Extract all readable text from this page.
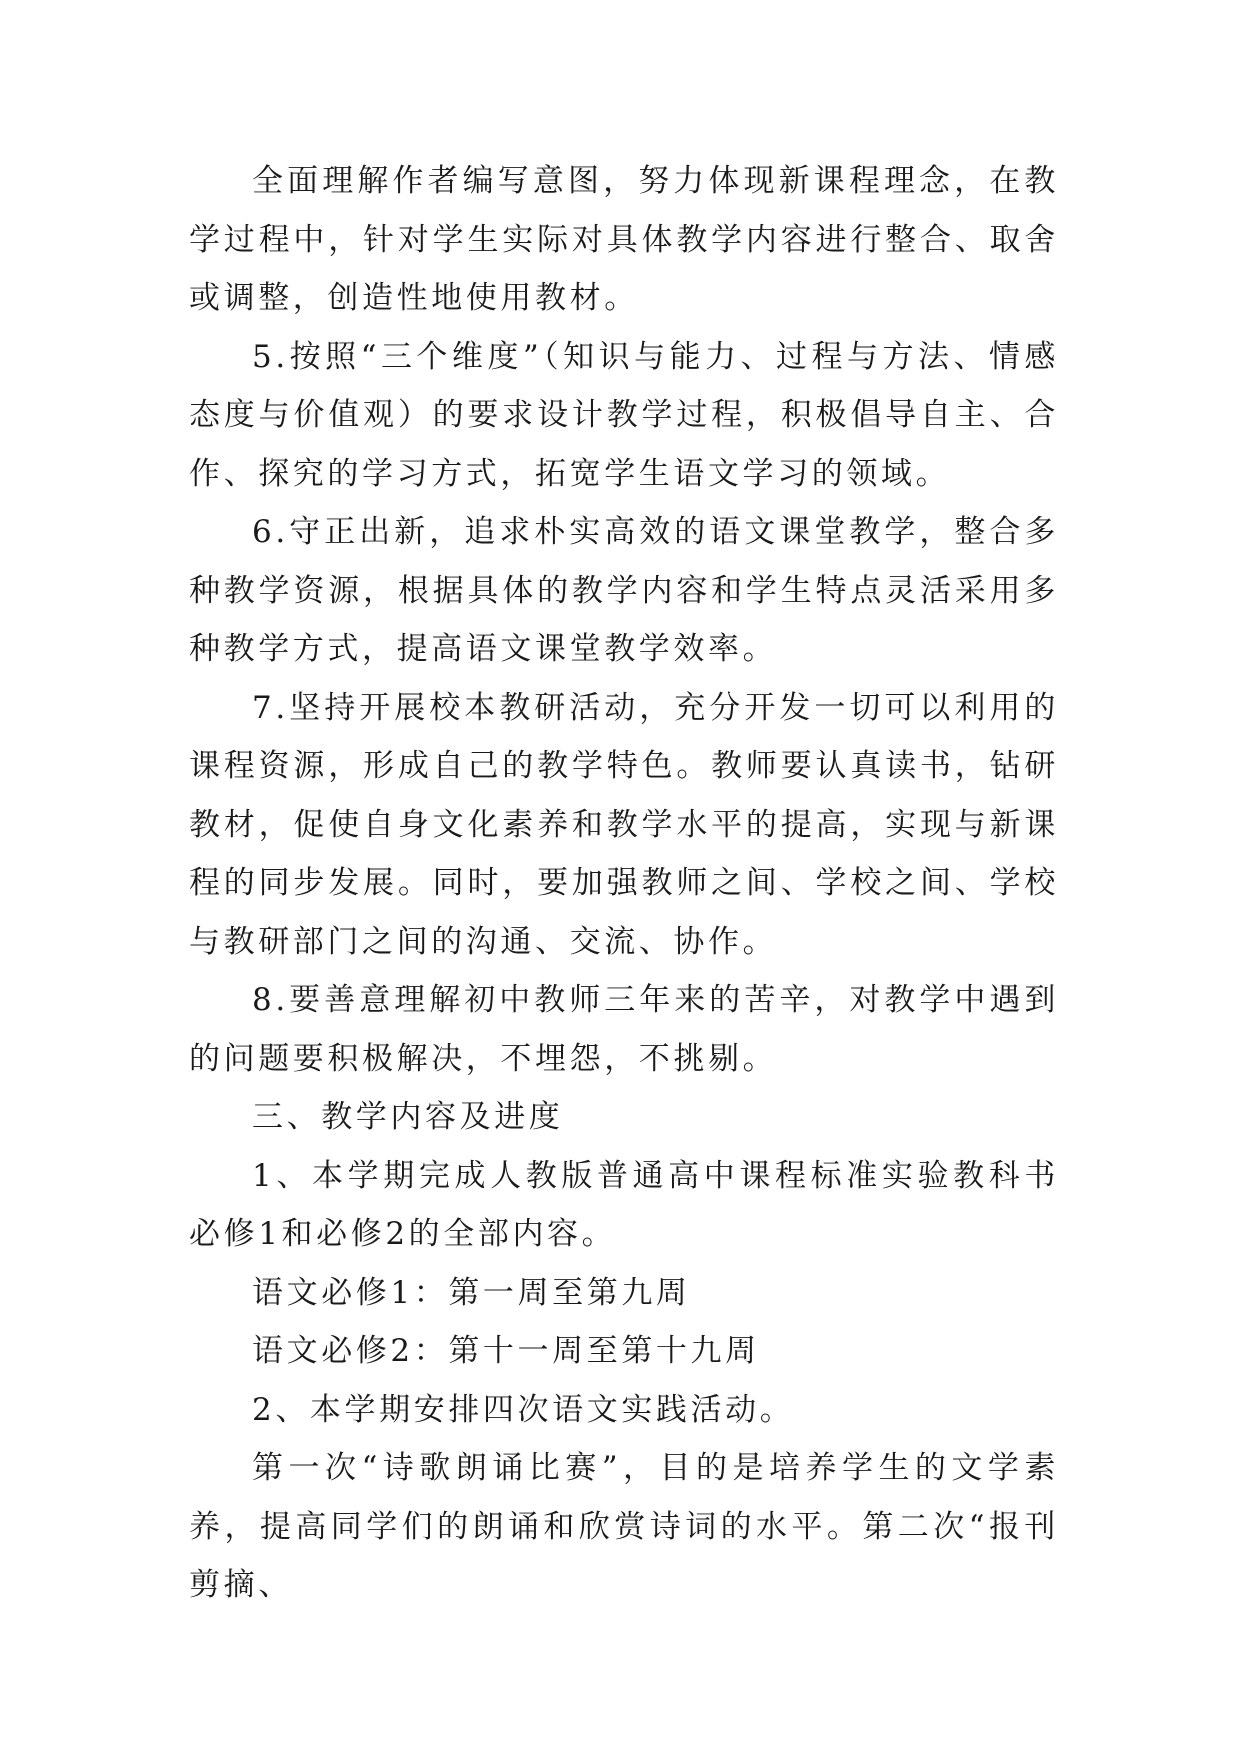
全面理解作者编写意图，努力体现新课程理念，在教学过程中，针对学生实际对具体教学内容进行整合、取舍或调整，创造性地使用教材。

5.按照“三个维度”（知识与能力、过程与方法、情感态度与价值观）的要求设计教学过程，积极倡导自主、合作、探究的学习方式，拓宽学生语文学习的领域。

6.守正出新，追求朴实高效的语文课堂教学，整合多种教学资源，根据具体的教学内容和学生特点灵活采用多种教学方式，提高语文课堂教学效率。

7.坚持开展校本教研活动，充分开发一切可以利用的课程资源，形成自己的教学特色。教师要认真读书，钻研教材，促使自身文化素养和教学水平的提高，实现与新课程的同步发展。同时，要加强教师之间、学校之间、学校与教研部门之间的沟通、交流、协作。

8.要善意理解初中教师三年来的苦辛，对教学中遇到的问题要积极解决，不埋怨，不挑剔。

三、教学内容及进度

1、本学期完成人教版普通高中课程标准实验教科书必修1和必修2的全部内容。

语文必修1：第一周至第九周

语文必修2：第十一周至第十九周

2、本学期安排四次语文实践活动。

第一次“诗歌朗诵比赛”，目的是培养学生的文学素养，提高同学们的朗诵和欣赏诗词的水平。第二次“报刊剪摘、
